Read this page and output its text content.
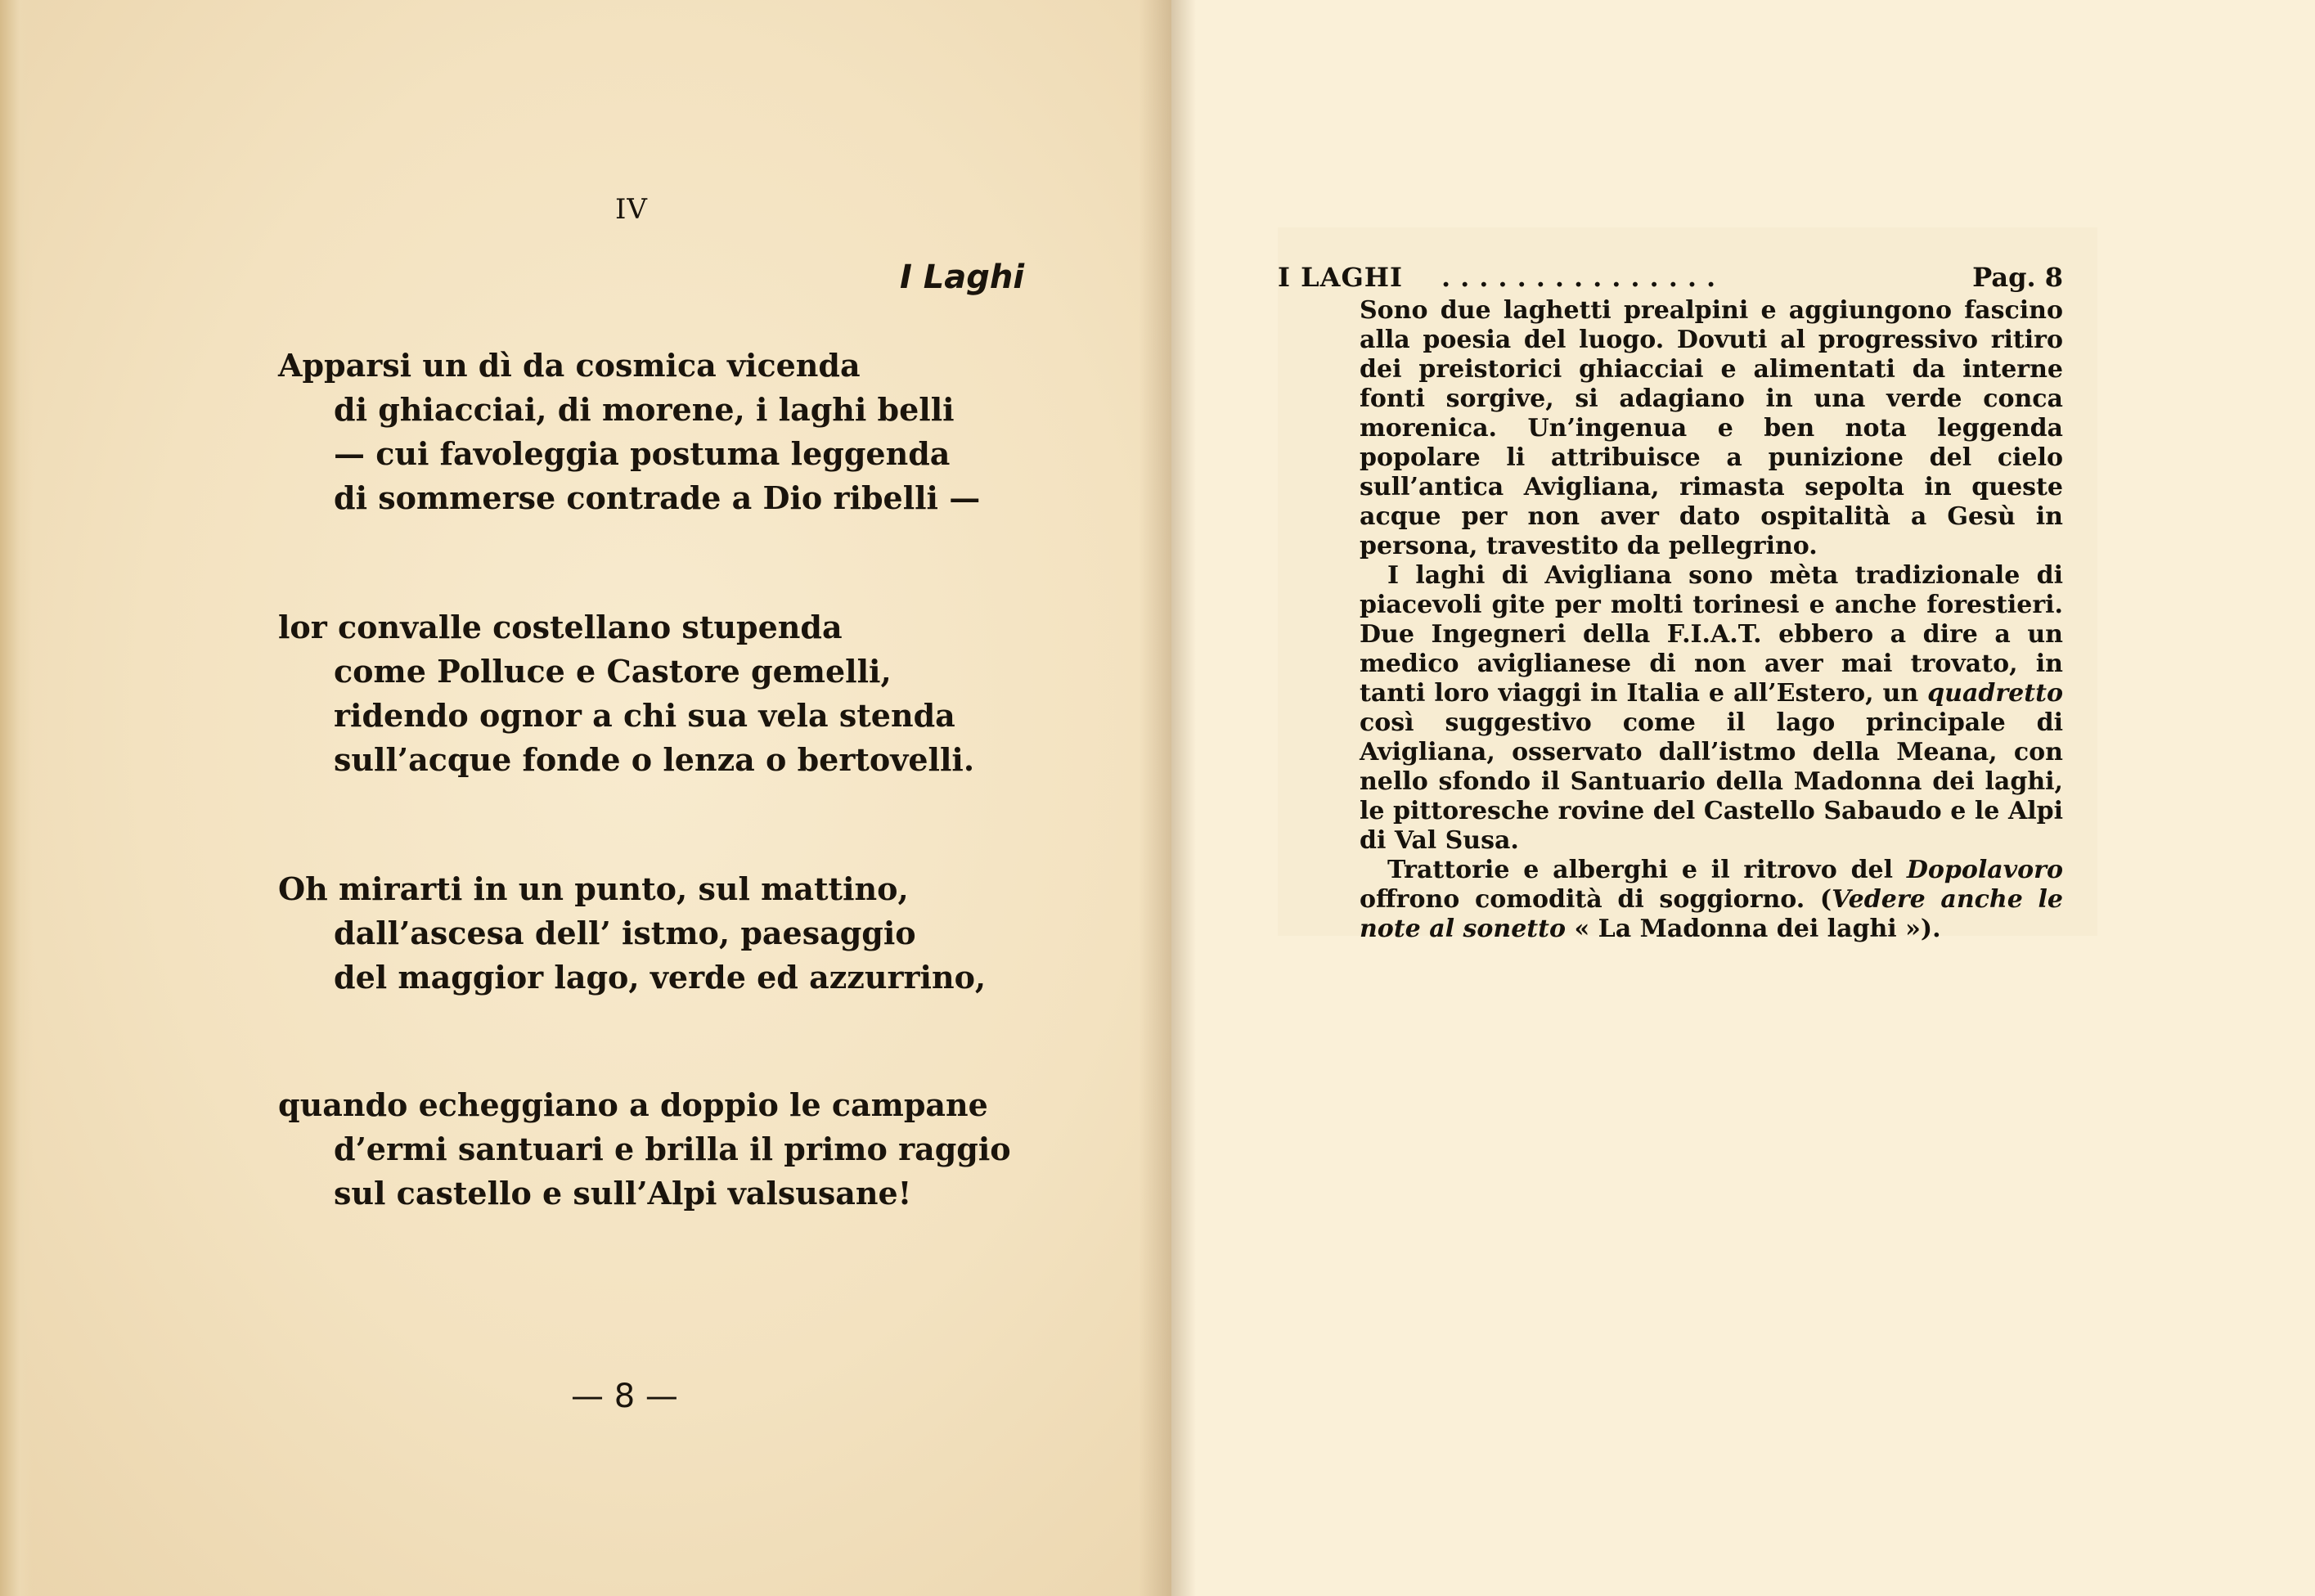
IV
I Laghi
Apparsi un dì da cosmica vicenda
di ghiacciai, di morene, i laghi belli
— cui favoleggia postuma leggenda
di sommerse contrade a Dio ribelli —
lor convalle costellano stupenda
come Polluce e Castore gemelli,
ridendo ognor a chi sua vela stenda
sull’acque fonde o lenza o bertovelli.
Oh mirarti in un punto, sul mattino,
dall’ascesa dell’ istmo, paesaggio
del maggior lago, verde ed azzurrino,
quando echeggiano a doppio le campane
d’ermi santuari e brilla il primo raggio
sul castello e sull’Alpi valsusane!
— 8 —
I LAGHI ...............	Pag. 8

Sono due laghetti prealpini e aggiungono fascino alla poesia del luogo. Dovuti al progressivo ritiro dei preistorici ghiacciai e alimentati da interne fonti sorgive, si adagiano in una verde conca morenica. Un’ingenua e ben nota leggenda popolare li attribuisce a punizione del cielo sull’antica Avigliana, rimasta sepolta in queste acque per non aver dato ospitalità a Gesù in persona, travestito da pellegrino.

I laghi di Avigliana sono mèta tradizionale di piacevoli gite per molti torinesi e anche forestieri. Due Ingegneri della F.I.A.T. ebbero a dire a un medico aviglianese di non aver mai trovato, in tanti loro viaggi in Italia e all’Estero, un quadretto così suggestivo come il lago principale di Avigliana, osservato dall’istmo della Meana, con nello sfondo il Santuario della Madonna dei laghi, le pittoresche rovine del Castello Sabaudo e le Alpi di Val Susa.

Trattorie e alberghi e il ritrovo del Dopolavoro offrono comodità di soggiorno. (Vedere anche le note al sonetto « La Madonna dei laghi »).
